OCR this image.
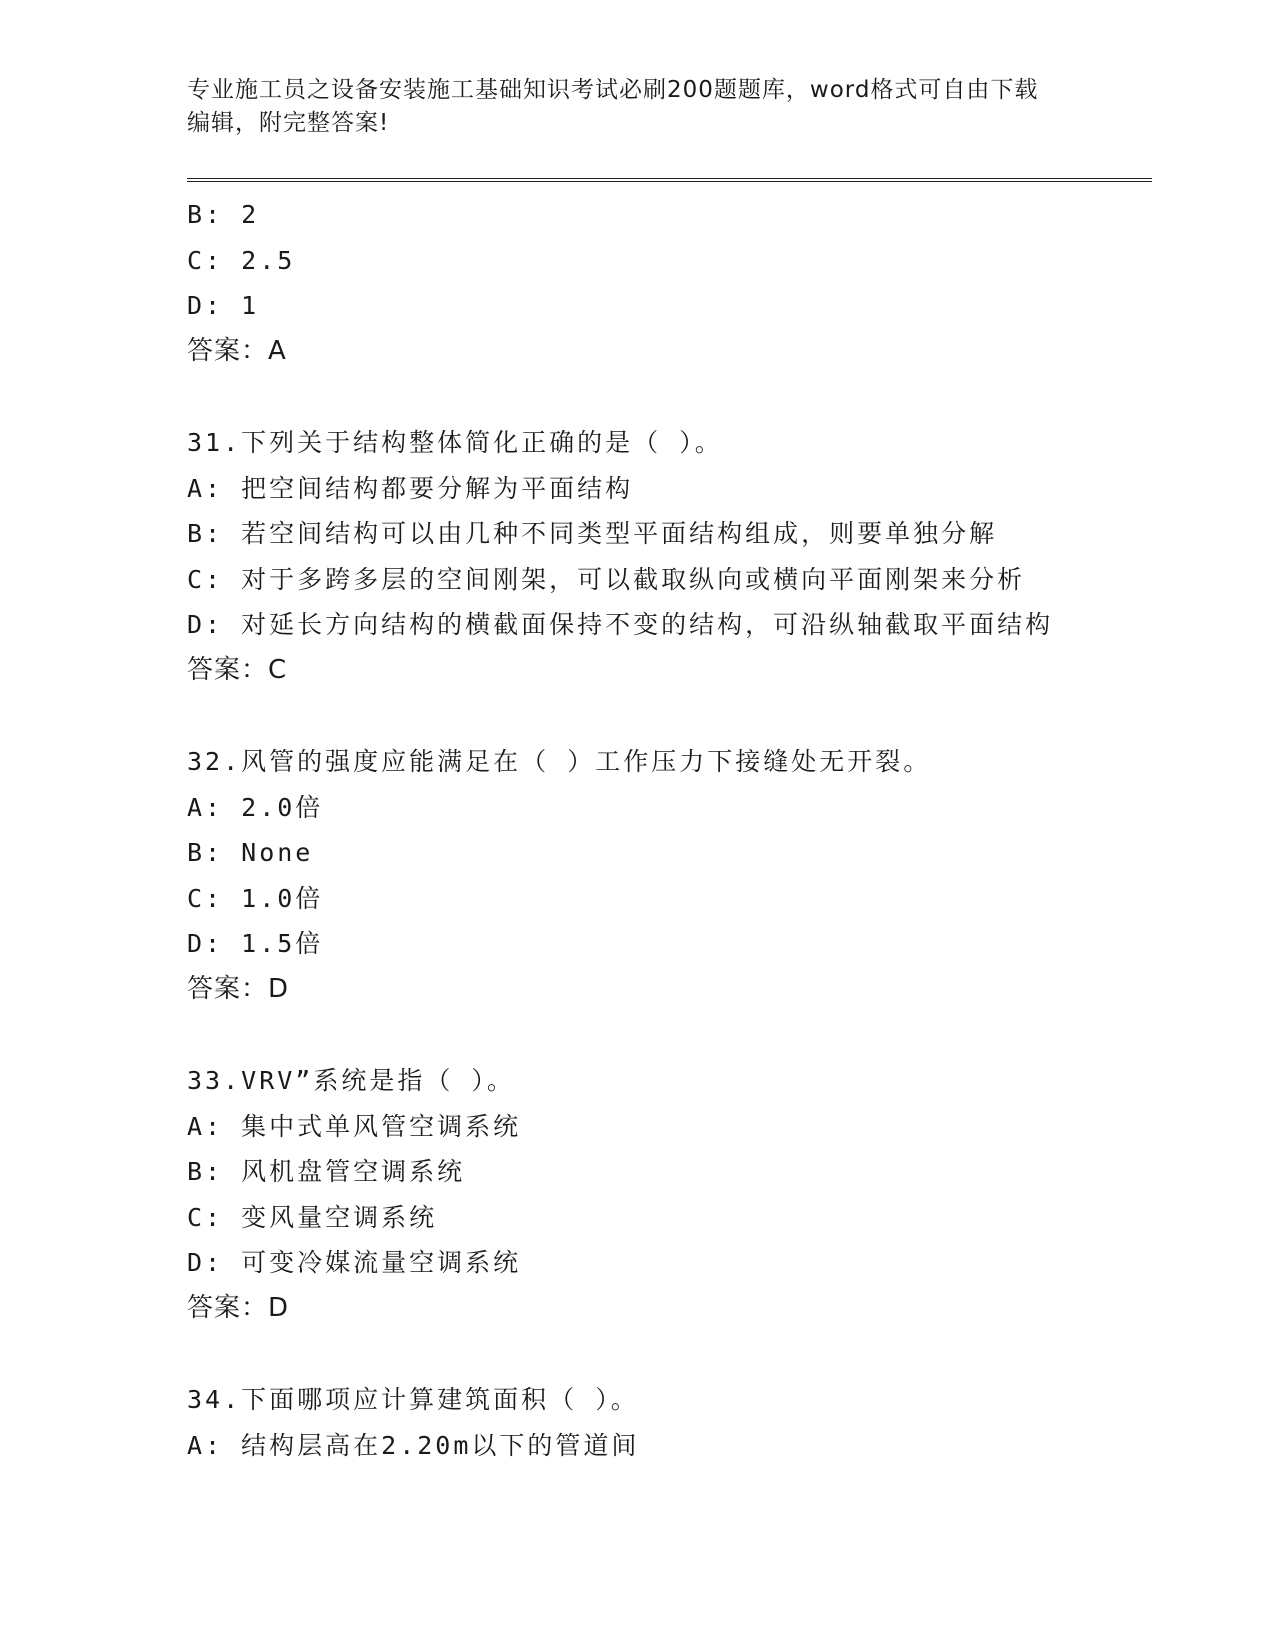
专业施工员之设备安装施工基础知识考试必刷200题题库，word格式可自由下载
编辑，附完整答案!
B: 2
C: 2.5
D: 1
答案：A
31.下列关于结构整体简化正确的是（ ）。
A: 把空间结构都要分解为平面结构
B: 若空间结构可以由几种不同类型平面结构组成，则要单独分解
C: 对于多跨多层的空间刚架，可以截取纵向或横向平面刚架来分析
D: 对延长方向结构的横截面保持不变的结构，可沿纵轴截取平面结构
答案：C
32.风管的强度应能满足在（ ）工作压力下接缝处无开裂。
A: 2.0倍
B: None
C: 1.0倍
D: 1.5倍
答案：D
33.VRV”系统是指（ ）。
A: 集中式单风管空调系统
B: 风机盘管空调系统
C: 变风量空调系统
D: 可变冷媒流量空调系统
答案：D
34.下面哪项应计算建筑面积（ ）。
A: 结构层高在2.20m以下的管道间
